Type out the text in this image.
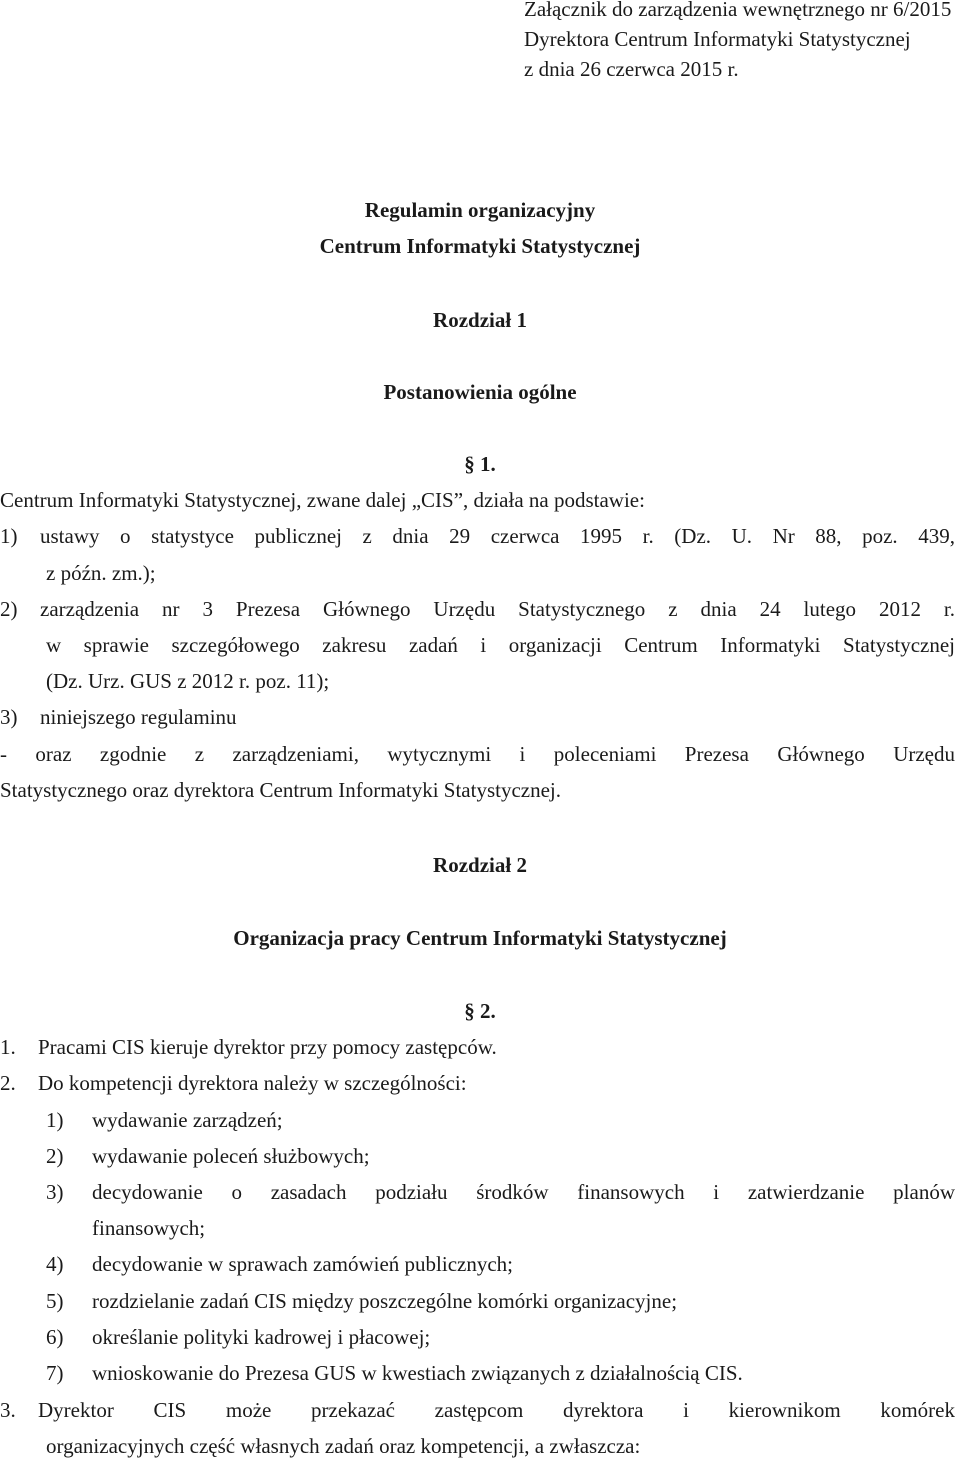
Załącznik do zarządzenia wewnętrznego nr 6/2015
Dyrektora Centrum Informatyki Statystycznej
z dnia 26 czerwca 2015 r.
Regulamin organizacyjny
Centrum Informatyki Statystycznej
Rozdział 1
Postanowienia ogólne
§ 1.
Centrum Informatyki Statystycznej, zwane dalej „CIS”, działa na podstawie:
1) ustawy o statystyce publicznej z dnia 29 czerwca 1995 r. (Dz. U. Nr 88, poz. 439,
z późn. zm.);
2) zarządzenia nr 3 Prezesa Głównego Urzędu Statystycznego z dnia 24 lutego 2012 r.
w sprawie szczegółowego zakresu zadań i organizacji Centrum Informatyki Statystycznej
(Dz. Urz. GUS z 2012 r. poz. 11);
3) niniejszego regulaminu
- oraz zgodnie z zarządzeniami, wytycznymi i poleceniami Prezesa Głównego Urzędu
Statystycznego oraz dyrektora Centrum Informatyki Statystycznej.
Rozdział 2
Organizacja pracy Centrum Informatyki Statystycznej
§ 2.
1. Pracami CIS kieruje dyrektor przy pomocy zastępców.
2. Do kompetencji dyrektora należy w szczególności:
1) wydawanie zarządzeń;
2) wydawanie poleceń służbowych;
3) decydowanie o zasadach podziału środków finansowych i zatwierdzanie planów
finansowych;
4) decydowanie w sprawach zamówień publicznych;
5) rozdzielanie zadań CIS między poszczególne komórki organizacyjne;
6) określanie polityki kadrowej i płacowej;
7) wnioskowanie do Prezesa GUS w kwestiach związanych z działalnością CIS.
3. Dyrektor CIS może przekazać zastępcom dyrektora i kierownikom komórek
organizacyjnych część własnych zadań oraz kompetencji, a zwłaszcza:
